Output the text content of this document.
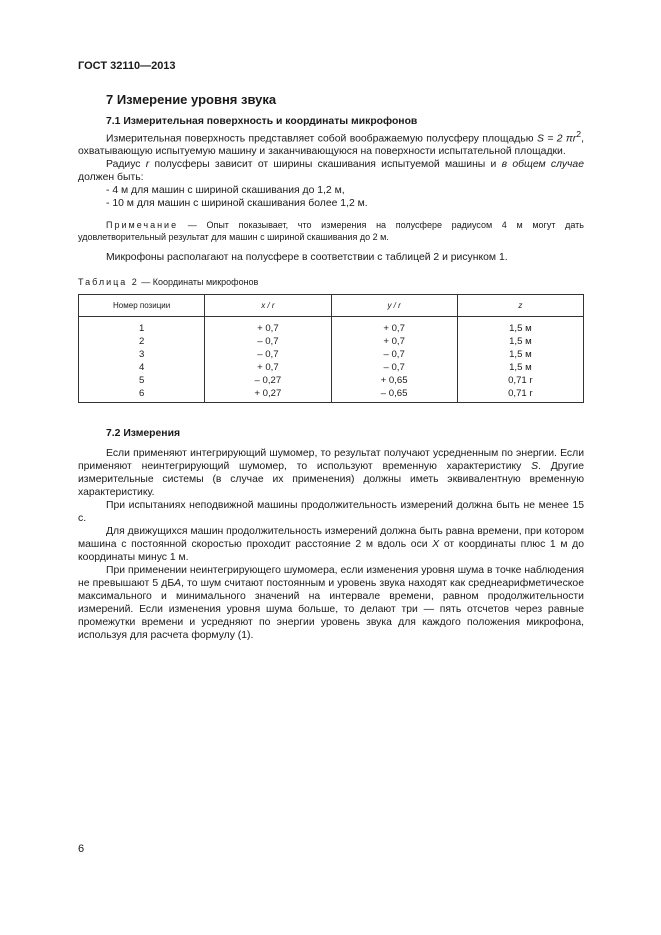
ГОСТ 32110—2013
7 Измерение уровня звука
7.1 Измерительная поверхность и координаты микрофонов

Измерительная поверхность представляет собой воображаемую полусферу площадью S = 2 $\pi r^2$, охватывающую испытуемую машину и заканчивающуюся на поверхности испытательной площадки.

Радиус r полусферы зависит от ширины скашивания испытуемой машины и в общем случае должен быть:

- 4 м для машин с шириной скашивания до 1,2 м,
- 10 м для машин с шириной скашивания более 1,2 м.

Примечание — Опыт показывает, что измерения на полусфере радиусом 4 м могут дать удовлетворительный результат для машин с шириной скашивания до 2 м.

Микрофоны располагают на полусфере в соответствии с таблицей 2 и рисунком 1.

Таблица 2 — Координаты микрофонов
Номер позиции	x / r	y / r	z
1	+ 0,7	+ 0,7	1,5 м
2	– 0,7	+ 0,7	1,5 м
3	– 0,7	– 0,7	1,5 м
4	+ 0,7	– 0,7	1,5 м
5	– 0,27	+ 0,65	0,71 r
6	+ 0,27	– 0,65	0,71 r
7.2 Измерения

Если применяют интегрирующий шумомер, то результат получают усредненным по энергии. Если применяют неинтегрирующий шумомер, то используют временную характеристику S. Другие измерительные системы (в случае их применения) должны иметь эквивалентную временную характеристику.

При испытаниях неподвижной машины продолжительность измерений должна быть не менее 15 с.

Для движущихся машин продолжительность измерений должна быть равна времени, при котором машина с постоянной скоростью проходит расстояние 2 м вдоль оси X от координаты плюс 1 м до координаты минус 1 м.

При применении неинтегрирующего шумомера, если изменения уровня шума в точке наблюдения не превышают 5 дБA, то шум считают постоянным и уровень звука находят как среднеарифметическое максимального и минимального значений на интервале времени, равном продолжительности измерений. Если изменения уровня шума больше, то делают три — пять отсчетов через равные промежутки времени и усредняют по энергии уровень звука для каждого положения микрофона, используя для расчета формулу (1).

6
